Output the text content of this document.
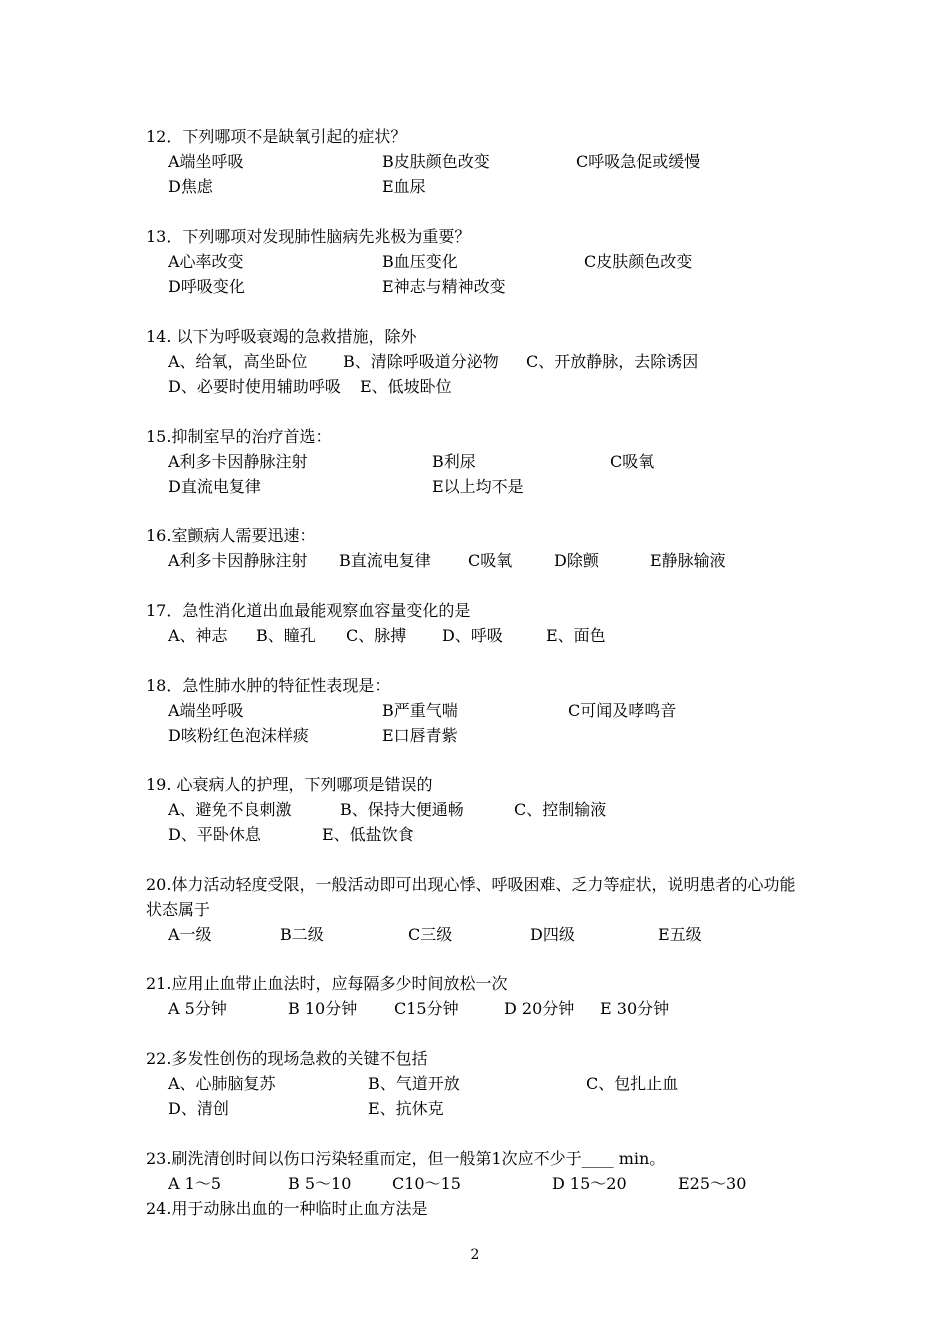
12．下列哪项不是缺氧引起的症状？
A端坐呼吸	B皮肤颜色改变	C呼吸急促或缓慢
D焦虑	E血尿
13．下列哪项对发现肺性脑病先兆极为重要？
A心率改变	B血压变化	C皮肤颜色改变
D呼吸变化	E神志与精神改变
14. 以下为呼吸衰竭的急救措施，除外
A、给氧，高坐卧位 B、清除呼吸道分泌物 C、开放静脉，去除诱因
D、必要时使用辅助呼吸 E、低坡卧位
15.抑制室早的治疗首选：
A利多卡因静脉注射	B利尿	C吸氧
D直流电复律	E以上均不是
16.室颤病人需要迅速：
A利多卡因静脉注射 B直流电复律 C吸氧	D除颤	E静脉输液
17．急性消化道出血最能观察血容量变化的是
A、神志 B、瞳孔 C、脉搏 D、呼吸	E、面色
18．急性肺水肿的特征性表现是：
A端坐呼吸	B严重气喘	C可闻及哮鸣音
D咳粉红色泡沫样痰	E口唇青紫
19. 心衰病人的护理，下列哪项是错误的
A、避免不良刺激	B、保持大便通畅	C、控制输液
D、平卧休息	E、低盐饮食
20.体力活动轻度受限，一般活动即可出现心悸、呼吸困难、乏力等症状，说明患者的心功能状态属于
A一级	B二级	C三级	D四级	E五级
21.应用止血带止血法时，应每隔多少时间放松一次
A 5分钟	B 10分钟 C15分钟	D 20分钟 E 30分钟
22.多发性创伤的现场急救的关键不包括
A、心肺脑复苏	B、气道开放	C、包扎止血
D、清创	E、抗休克
23.刷洗清创时间以伤口污染轻重而定，但一般第1次应不少于____ min。
A 1～5	B 5～10	C10～15	D 15～20	E25～30
24.用于动脉出血的一种临时止血方法是
2
